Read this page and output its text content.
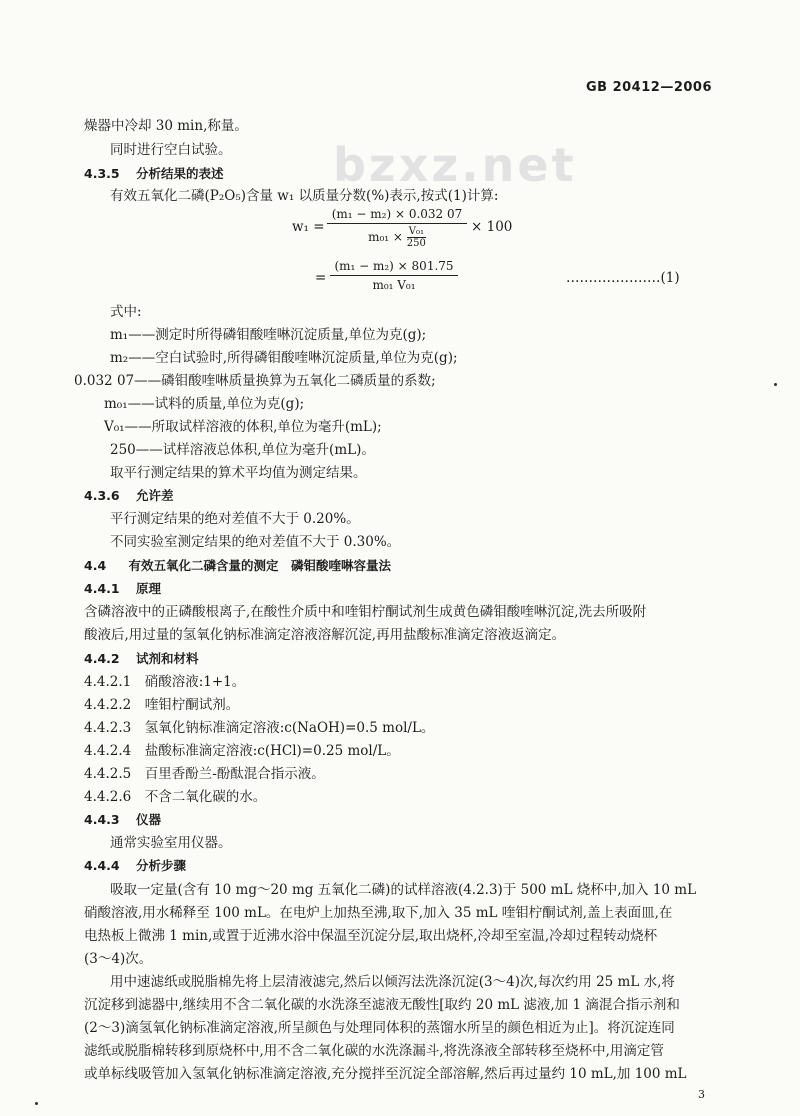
GB 20412—2006
bzxz.net
燥器中冷却 30 min,称量。
同时进行空白试验。
4.3.5 分析结果的表述
有效五氧化二磷(P₂O₅)含量 w₁ 以质量分数(%)表示,按式(1)计算:
$w_1 = \frac{\text{(m₁ − m₂) × 0.032 07}}{m_{01} \times \frac{\text{V₀₁}}{250}} \times 100$
= $\frac{\text{(m₁ − m₂) × 801.75}}{\text{m₀₁ V₀₁}}$	…………………(1)
式中:
m₁——测定时所得磷钼酸喹啉沉淀质量,单位为克(g);
m₂——空白试验时,所得磷钼酸喹啉沉淀质量,单位为克(g);
0.032 07——磷钼酸喹啉质量换算为五氧化二磷质量的系数;
m₀₁——试料的质量,单位为克(g);
V₀₁——所取试样溶液的体积,单位为毫升(mL);
250——试样溶液总体积,单位为毫升(mL)。
取平行测定结果的算术平均值为测定结果。
4.3.6 允许差
平行测定结果的绝对差值不大于 0.20%。
不同实验室测定结果的绝对差值不大于 0.30%。
4.4 有效五氧化二磷含量的测定　磷钼酸喹啉容量法
4.4.1 原理
含磷溶液中的正磷酸根离子,在酸性介质中和喹钼柠酮试剂生成黄色磷钼酸喹啉沉淀,洗去所吸附
酸液后,用过量的氢氧化钠标准滴定溶液溶解沉淀,再用盐酸标准滴定溶液返滴定。
4.4.2 试剂和材料
4.4.2.1　硝酸溶液:1+1。
4.4.2.2　喹钼柠酮试剂。
4.4.2.3　氢氧化钠标准滴定溶液:c(NaOH)=0.5 mol/L。
4.4.2.4　盐酸标准滴定溶液:c(HCl)=0.25 mol/L。
4.4.2.5　百里香酚兰-酚酞混合指示液。
4.4.2.6　不含二氧化碳的水。
4.4.3 仪器
通常实验室用仪器。
4.4.4 分析步骤
吸取一定量(含有 10 mg～20 mg 五氧化二磷)的试样溶液(4.2.3)于 500 mL 烧杯中,加入 10 mL
硝酸溶液,用水稀释至 100 mL。在电炉上加热至沸,取下,加入 35 mL 喹钼柠酮试剂,盖上表面皿,在
电热板上微沸 1 min,或置于近沸水浴中保温至沉淀分层,取出烧杯,冷却至室温,冷却过程转动烧杯
(3～4)次。
用中速滤纸或脱脂棉先将上层清液滤完,然后以倾泻法洗涤沉淀(3～4)次,每次约用 25 mL 水,将
沉淀移到滤器中,继续用不含二氧化碳的水洗涤至滤液无酸性[取约 20 mL 滤液,加 1 滴混合指示剂和
(2～3)滴氢氧化钠标准滴定溶液,所呈颜色与处理同体积的蒸馏水所呈的颜色相近为止]。将沉淀连同
滤纸或脱脂棉转移到原烧杯中,用不含二氧化碳的水洗涤漏斗,将洗涤液全部转移至烧杯中,用滴定管
或单标线吸管加入氢氧化钠标准滴定溶液,充分搅拌至沉淀全部溶解,然后再过量约 10 mL,加 100 mL
3
